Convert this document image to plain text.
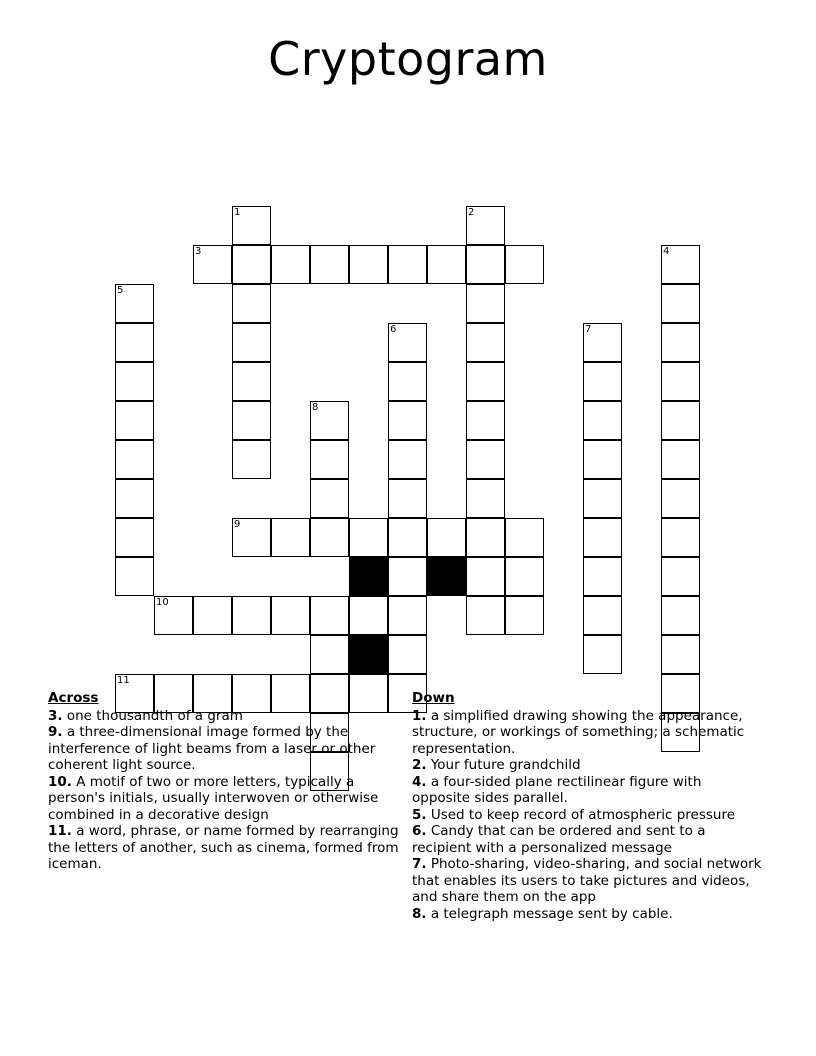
Cryptogram
1	2
3	4
5
6	7
8
9
10
11
Across

3. one thousandth of a gram

9. a three-dimensional image formed by the interference of light beams from a laser or other coherent light source.

10. A motif of two or more letters, typically a person's initials, usually interwoven or otherwise combined in a decorative design

11. a word, phrase, or name formed by rearranging the letters of another, such as cinema, formed from iceman.

Down

1. a simplified drawing showing the appearance, structure, or workings of something; a schematic representation.

2. Your future grandchild

4. a four-sided plane rectilinear figure with opposite sides parallel.

5. Used to keep record of atmospheric pressure

6. Candy that can be ordered and sent to a recipient with a personalized message

7. Photo-sharing, video-sharing, and social network that enables its users to take pictures and videos, and share them on the app

8. a telegraph message sent by cable.
